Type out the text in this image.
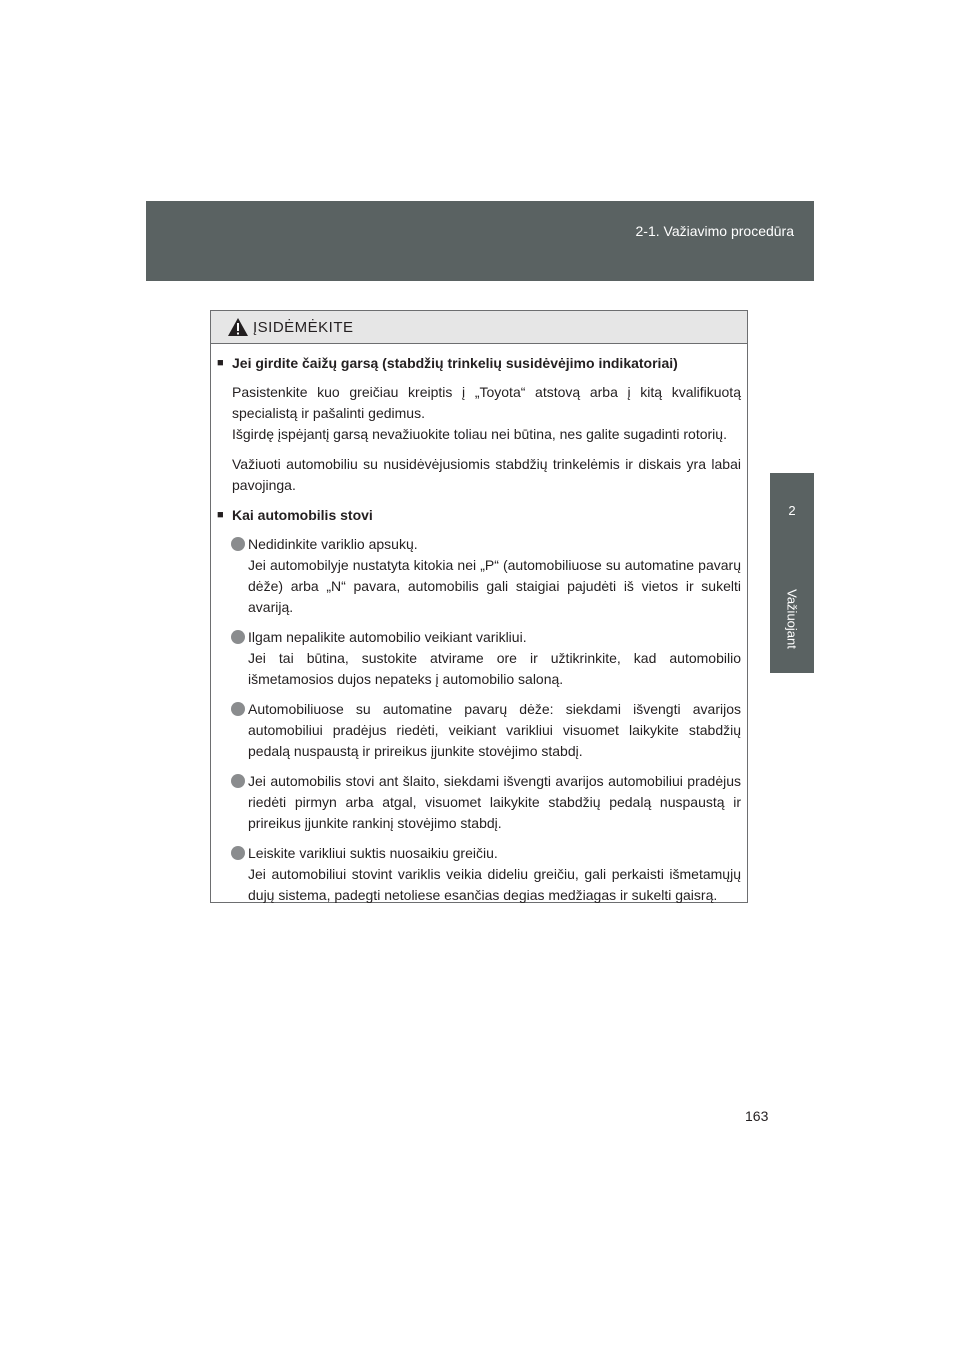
2-1. Važiavimo procedūra
2
Važiuojant
ĮSIDĖMĖKITE
■ Jei girdite čaižų garsą (stabdžių trinkelių susidėvėjimo indikatoriai)
Pasistenkite kuo greičiau kreiptis į „Toyota“ atstovą arba į kitą kvalifikuotą specialistą ir pašalinti gedimus.
Išgirdę įspėjantį garsą nevažiuokite toliau nei būtina, nes galite sugadinti rotorių.
Važiuoti automobiliu su nusidėvėjusiomis stabdžių trinkelėmis ir diskais yra labai pavojinga.
■ Kai automobilis stovi
Nedidinkite variklio apsukų.
Jei automobilyje nustatyta kitokia nei „P“ (automobiliuose su automatine pavarų dėže) arba „N“ pavara, automobilis gali staigiai pajudėti iš vietos ir sukelti avariją.
Ilgam nepalikite automobilio veikiant varikliui.
Jei tai būtina, sustokite atvirame ore ir užtikrinkite, kad automobilio išmetamosios dujos nepateks į automobilio saloną.
Automobiliuose su automatine pavarų dėže: siekdami išvengti avarijos automobiliui pradėjus riedėti, veikiant varikliui visuomet laikykite stabdžių pedalą nuspaustą ir prireikus įjunkite stovėjimo stabdį.
Jei automobilis stovi ant šlaito, siekdami išvengti avarijos automobiliui pradėjus riedėti pirmyn arba atgal, visuomet laikykite stabdžių pedalą nuspaustą ir prireikus įjunkite rankinį stovėjimo stabdį.
Leiskite varikliui suktis nuosaikiu greičiu.
Jei automobiliui stovint variklis veikia dideliu greičiu, gali perkaisti išmetamųjų dujų sistema, padegti netoliese esančias degias medžiagas ir sukelti gaisrą.
163
